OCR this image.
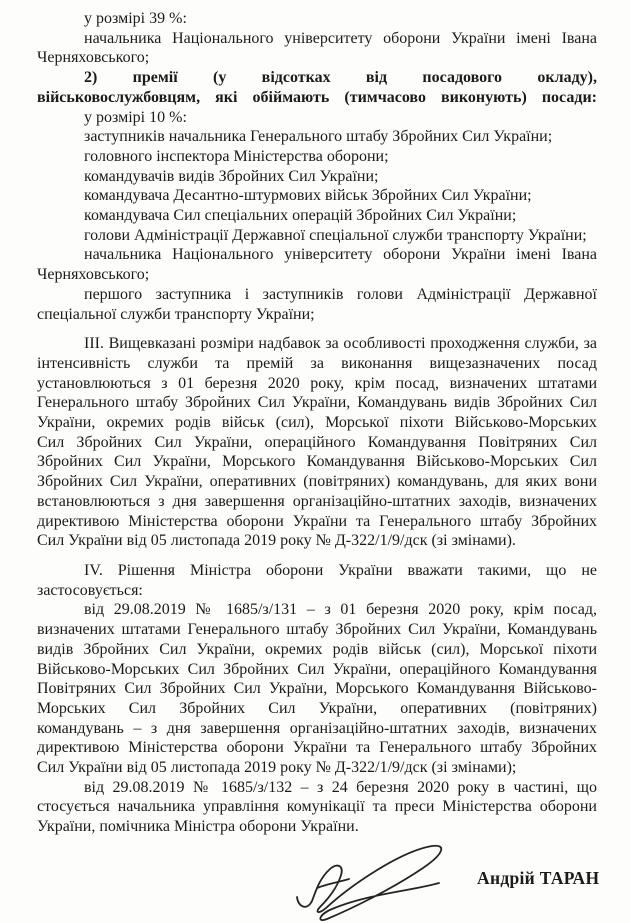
у розмірі 39 %:
начальника Національного університету оборони України імені Івана
Черняховського;
2) премії (у відсотках від посадового окладу),
військовослужбовцям, які обіймають (тимчасово виконують) посади:
у розмірі 10 %:
заступників начальника Генерального штабу Збройних Сил України;
головного інспектора Міністерства оборони;
командувачів видів Збройних Сил України;
командувача Десантно-штурмових військ Збройних Сил України;
командувача Сил спеціальних операцій Збройних Сил України;
голови Адміністрації Державної спеціальної служби транспорту України;
начальника Національного університету оборони України імені Івана
Черняховського;
першого заступника і заступників голови Адміністрації Державної
спеціальної служби транспорту України;
III. Вищевказані розміри надбавок за особливості проходження служби, за
інтенсивність служби та премій за виконання вищезазначених посад
установлюються з 01 березня 2020 року, крім посад, визначених штатами
Генерального штабу Збройних Сил України, Командувань видів Збройних Сил
України, окремих родів військ (сил), Морської піхоти Військово-Морських
Сил Збройних Сил України, операційного Командування Повітряних Сил
Збройних Сил України, Морського Командування Військово-Морських Сил
Збройних Сил України, оперативних (повітряних) командувань, для яких вони
встановлюються з дня завершення організаційно-штатних заходів, визначених
директивою Міністерства оборони України та Генерального штабу Збройних
Сил України від 05 листопада 2019 року № Д-322/1/9/дск (зі змінами).
IV. Рішення Міністра оборони України вважати такими, що не
застосовується:
від 29.08.2019 № 1685/з/131 – з 01 березня 2020 року, крім посад,
визначених штатами Генерального штабу Збройних Сил України, Командувань
видів Збройних Сил України, окремих родів військ (сил), Морської піхоти
Військово-Морських Сил Збройних Сил України, операційного Командування
Повітряних Сил Збройних Сил України, Морського Командування Військово-
Морських Сил Збройних Сил України, оперативних (повітряних)
командувань – з дня завершення організаційно-штатних заходів, визначених
директивою Міністерства оборони України та Генерального штабу Збройних
Сил України від 05 листопада 2019 року № Д-322/1/9/дск (зі змінами);
від 29.08.2019 № 1685/з/132 – з 24 березня 2020 року в частині, що
стосується начальника управління комунікації та преси Міністерства оборони
України, помічника Міністра оборони України.
Андрій ТАРАН
